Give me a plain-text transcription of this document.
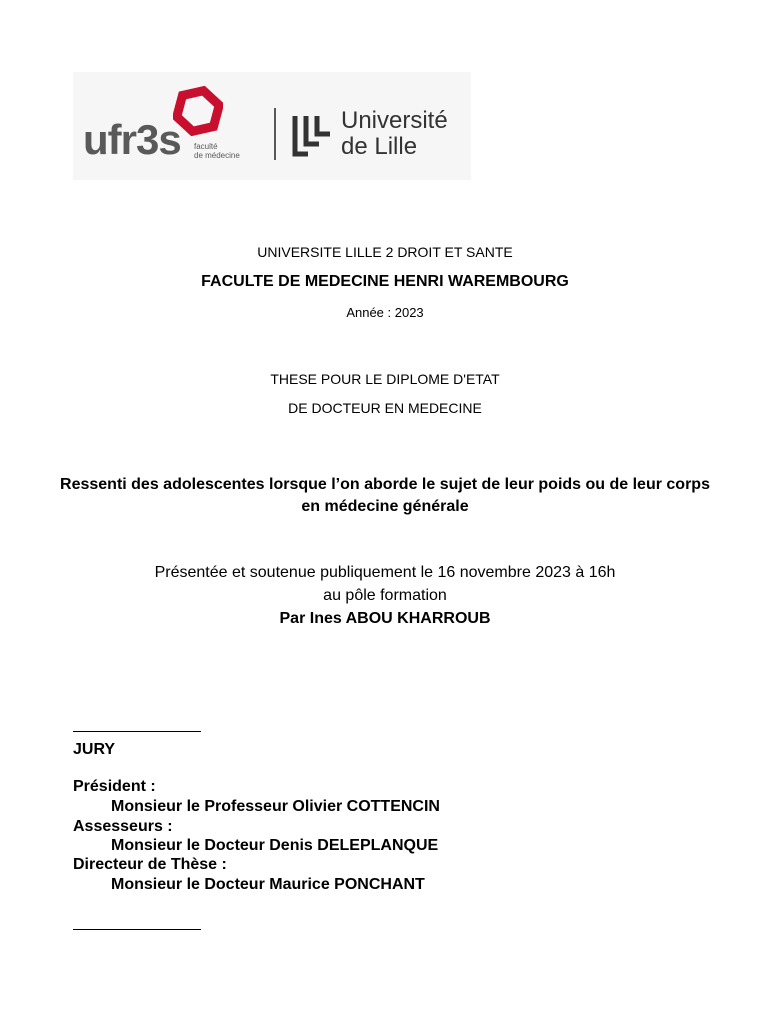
ufr3s faculté
de médecine
Université
de Lille
UNIVERSITE LILLE 2 DROIT ET SANTE
FACULTE DE MEDECINE HENRI WAREMBOURG
Année : 2023
THESE POUR LE DIPLOME D'ETAT
DE DOCTEUR EN MEDECINE
Ressenti des adolescentes lorsque l’on aborde le sujet de leur poids ou de leur corps en médecine générale
Présentée et soutenue publiquement le 16 novembre 2023 à 16h
au pôle formation
Par Ines ABOU KHARROUB
JURY
Président :
Monsieur le Professeur Olivier COTTENCIN
Assesseurs :
Monsieur le Docteur Denis DELEPLANQUE
Directeur de Thèse :
Monsieur le Docteur Maurice PONCHANT
